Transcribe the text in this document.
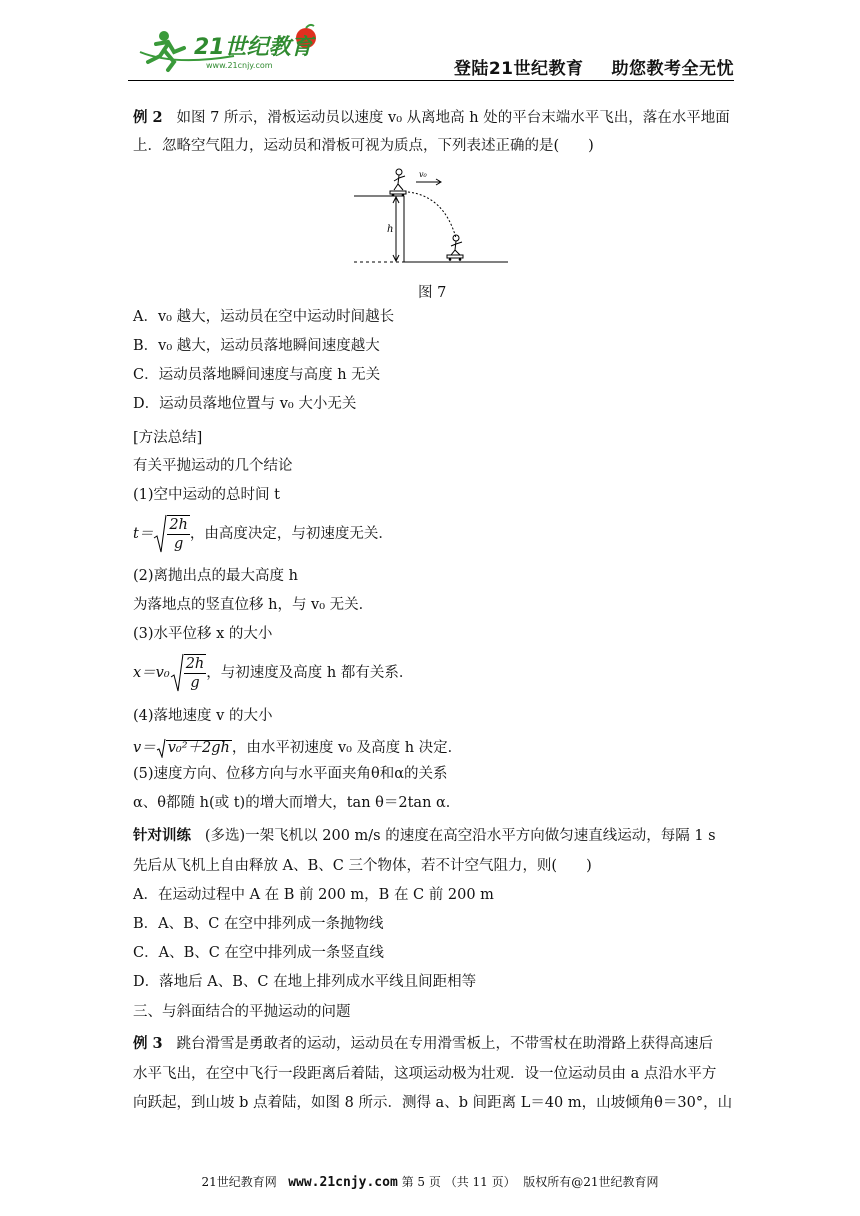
21世纪教育
www.21cnjy.com	登陆21世纪教育 助您教考全无忧
例 2 如图 7 所示，滑板运动员以速度 v₀ 从离地高 h 处的平台末端水平飞出，落在水平地面
上．忽略空气阻力，运动员和滑板可视为质点，下列表述正确的是(　　)
h
v₀
图 7
A．v₀ 越大，运动员在空中运动时间越长
B．v₀ 越大，运动员落地瞬间速度越大
C．运动员落地瞬间速度与高度 h 无关
D．运动员落地位置与 v₀ 大小无关
[方法总结]
有关平抛运动的几个结论
(1)空中运动的总时间 t
$t= \frac{2h}{g}$ ，由高度决定，与初速度无关．
(2)离抛出点的最大高度 h
为落地点的竖直位移 h，与 v₀ 无关．
(3)水平位移 x 的大小
$x=v_0 \frac{2h}{g}$ ，与初速度及高度 h 都有关系．
(4)落地速度 v 的大小
v＝ v₀²＋2gh ，由水平初速度 v₀ 及高度 h 决定．
(5)速度方向、位移方向与水平面夹角θ和α的关系
α、θ都随 h(或 t)的增大而增大，tan θ＝2tan α．
针对训练 (多选)一架飞机以 200 m/s 的速度在高空沿水平方向做匀速直线运动，每隔 1 s
先后从飞机上自由释放 A、B、C 三个物体，若不计空气阻力，则(　　)
A．在运动过程中 A 在 B 前 200 m，B 在 C 前 200 m
B．A、B、C 在空中排列成一条抛物线
C．A、B、C 在空中排列成一条竖直线
D．落地后 A、B、C 在地上排列成水平线且间距相等
三、与斜面结合的平抛运动的问题
例 3 跳台滑雪是勇敢者的运动，运动员在专用滑雪板上，不带雪杖在助滑路上获得高速后
水平飞出，在空中飞行一段距离后着陆，这项运动极为壮观．设一位运动员由 a 点沿水平方
向跃起，到山坡 b 点着陆，如图 8 所示．测得 a、b 间距离 L＝40 m，山坡倾角θ＝30°，山
21世纪教育网 www.21cnjy.com 第 5 页 （共 11 页） 版权所有@21世纪教育网
